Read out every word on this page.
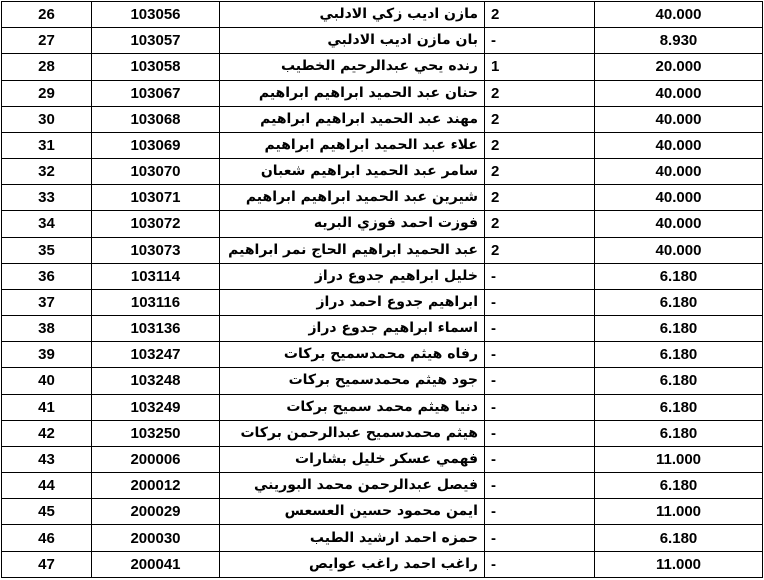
26	103056	مازن اديب زكي الادلبي	2	40.000
27	103057	بان مازن اديب الادلبي	-	8.930
28	103058	رنده يحي عبدالرحيم الخطيب	1	20.000
29	103067	حنان عبد الحميد ابراهيم ابراهيم	2	40.000
30	103068	مهند عبد الحميد ابراهيم ابراهيم	2	40.000
31	103069	علاء عبد الحميد ابراهيم ابراهيم	2	40.000
32	103070	سامر عبد الحميد ابراهيم شعبان	2	40.000
33	103071	شيرين عبد الحميد ابراهيم ابراهيم	2	40.000
34	103072	فوزت احمد فوزي البريه	2	40.000
35	103073	عبد الحميد ابراهيم الحاج نمر ابراهيم	2	40.000
36	103114	خليل ابراهيم جدوع دراز	-	6.180
37	103116	ابراهيم جدوع احمد دراز	-	6.180
38	103136	اسماء ابراهيم جدوع دراز	-	6.180
39	103247	رفاه هيثم محمدسميح بركات	-	6.180
40	103248	جود هيثم محمدسميح بركات	-	6.180
41	103249	دنيا هيثم محمد سميح بركات	-	6.180
42	103250	هيثم محمدسميح عبدالرحمن بركات	-	6.180
43	200006	فهمي عسكر خليل بشارات	-	11.000
44	200012	فيصل عبدالرحمن محمد البوريني	-	6.180
45	200029	ايمن محمود حسين العسعس	-	11.000
46	200030	حمزه احمد ارشيد الطيب	-	6.180
47	200041	راغب احمد راغب عوايص	-	11.000
